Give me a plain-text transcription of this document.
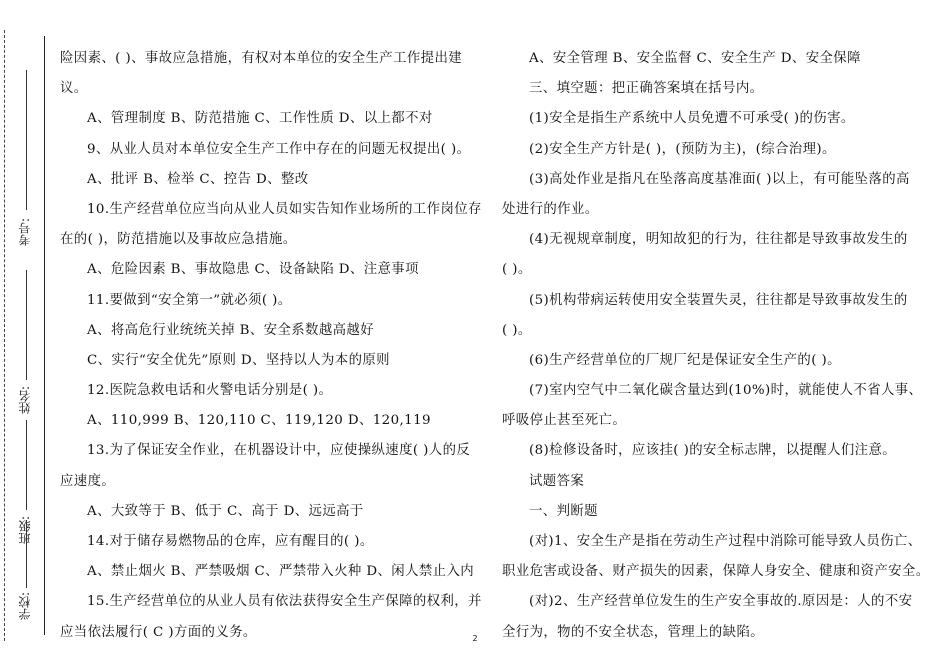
考号:
姓名:
班级:
学校:
险因素、( )、事故应急措施，有权对本单位的安全生产工作提出建
议。
A、管理制度 B、防范措施 C、工作性质 D、以上都不对
9、从业人员对本单位安全生产工作中存在的问题无权提出( )。
A、批评 B、检举 C、控告 D、整改
10.生产经营单位应当向从业人员如实告知作业场所的工作岗位存
在的( )，防范措施以及事故应急措施。
A、危险因素 B、事故隐患 C、设备缺陷 D、注意事项
11.要做到“安全第一”就必须( )。
A、将高危行业统统关掉 B、安全系数越高越好
C、实行“安全优先”原则 D、坚持以人为本的原则
12.医院急救电话和火警电话分别是( )。
A、110,999 B、120,110 C、119,120 D、120,119
13.为了保证安全作业，在机器设计中，应使操纵速度( )人的反
应速度。
A、大致等于 B、低于 C、高于 D、远远高于
14.对于储存易燃物品的仓库，应有醒目的( )。
A、禁止烟火 B、严禁吸烟 C、严禁带入火种 D、闲人禁止入内
15.生产经营单位的从业人员有依法获得安全生产保障的权利，并
应当依法履行( C )方面的义务。
A、安全管理 B、安全监督 C、安全生产 D、安全保障
三、填空题：把正确答案填在括号内。
(1)安全是指生产系统中人员免遭不可承受( )的伤害。
(2)安全生产方针是( )，(预防为主)，(综合治理)。
(3)高处作业是指凡在坠落高度基准面( )以上，有可能坠落的高
处进行的作业。
(4)无视规章制度，明知故犯的行为，往往都是导致事故发生的
( )。
(5)机构带病运转使用安全装置失灵，往往都是导致事故发生的
( )。
(6)生产经营单位的厂规厂纪是保证安全生产的( )。
(7)室内空气中二氧化碳含量达到(10%)时，就能使人不省人事、
呼吸停止甚至死亡。
(8)检修设备时，应该挂( )的安全标志牌，以提醒人们注意。
试题答案
一、判断题
(对)1、安全生产是指在劳动生产过程中消除可能导致人员伤亡、
职业危害或设备、财产损失的因素，保障人身安全、健康和资产安全。
(对)2、生产经营单位发生的生产安全事故的.原因是：人的不安
全行为，物的不安全状态，管理上的缺陷。
2
